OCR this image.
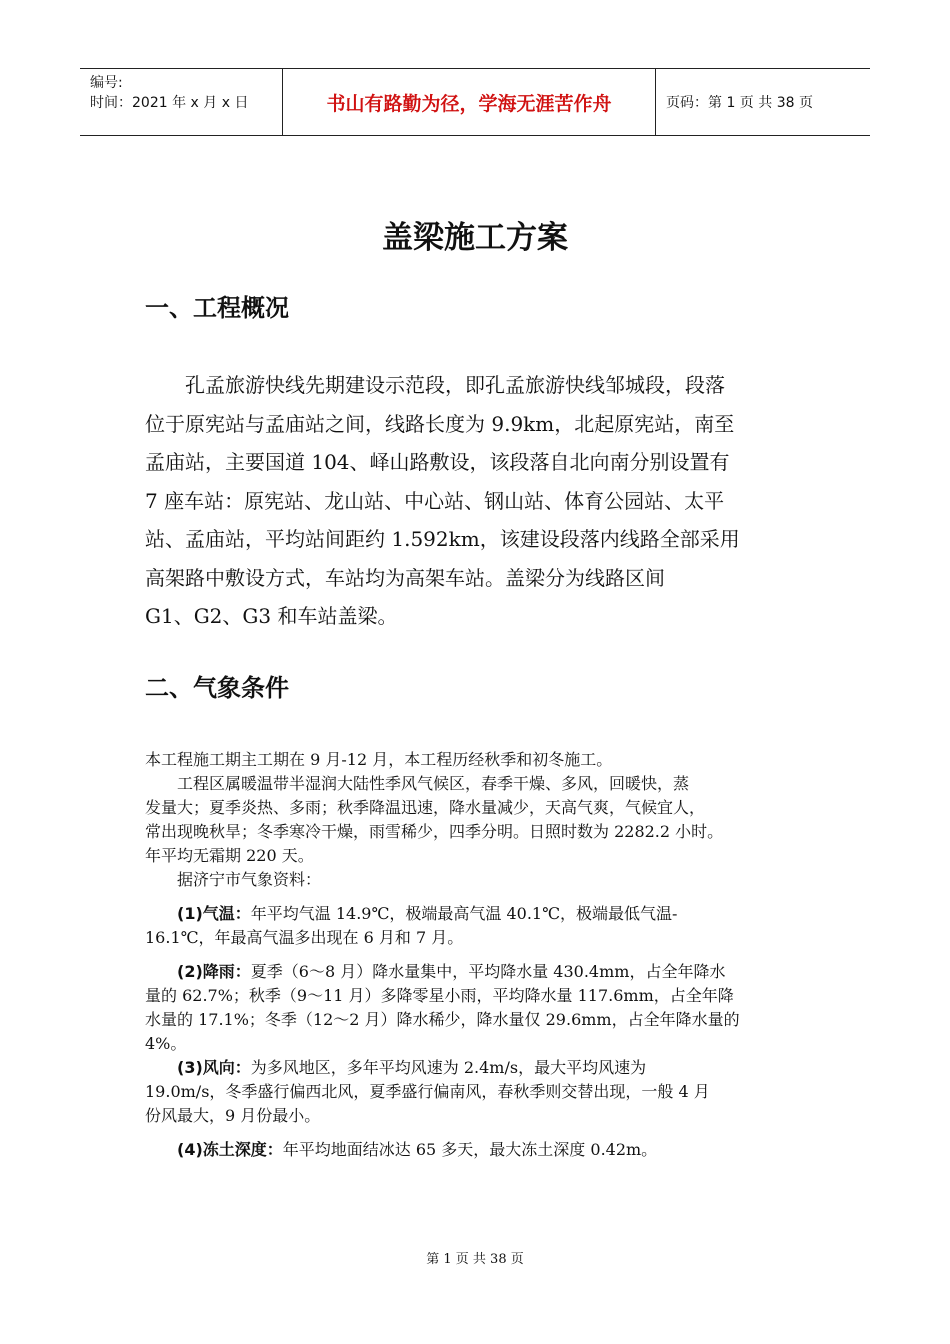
编号:
时间：2021 年 x 月 x 日	书山有路勤为径，学海无涯苦作舟	页码：第 1 页 共 38 页
盖梁施工方案
一、工程概况
孔孟旅游快线先期建设示范段，即孔孟旅游快线邹城段，段落
位于原宪站与孟庙站之间，线路长度为 9.9km，北起原宪站，南至
孟庙站，主要国道 104、峄山路敷设，该段落自北向南分别设置有
7 座车站：原宪站、龙山站、中心站、钢山站、体育公园站、太平
站、孟庙站，平均站间距约 1.592km，该建设段落内线路全部采用
高架路中敷设方式，车站均为高架车站。盖梁分为线路区间
G1、G2、G3 和车站盖梁。
二、气象条件
本工程施工期主工期在 9 月-12 月，本工程历经秋季和初冬施工。
工程区属暖温带半湿润大陆性季风气候区，春季干燥、多风，回暖快，蒸
发量大；夏季炎热、多雨；秋季降温迅速，降水量减少，天高气爽，气候宜人，
常出现晚秋旱；冬季寒冷干燥，雨雪稀少，四季分明。日照时数为 2282.2 小时。
年平均无霜期 220 天。
据济宁市气象资料：
(1)气温：年平均气温 14.9℃，极端最高气温 40.1℃，极端最低气温-
16.1℃，年最高气温多出现在 6 月和 7 月。
(2)降雨：夏季（6～8 月）降水量集中，平均降水量 430.4mm，占全年降水
量的 62.7%；秋季（9～11 月）多降零星小雨，平均降水量 117.6mm，占全年降
水量的 17.1%；冬季（12～2 月）降水稀少，降水量仅 29.6mm，占全年降水量的
4%。
(3)风向：为多风地区，多年平均风速为 2.4m/s，最大平均风速为
19.0m/s，冬季盛行偏西北风，夏季盛行偏南风，春秋季则交替出现，一般 4 月
份风最大，9 月份最小。
(4)冻土深度：年平均地面结冰达 65 多天，最大冻土深度 0.42m。
第 1 页 共 38 页
